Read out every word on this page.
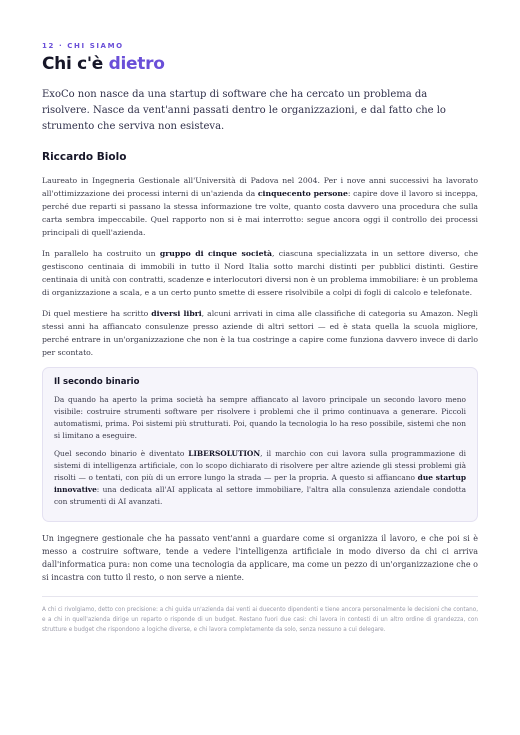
12 · CHI SIAMO
Chi c'è dietro

ExoCo non nasce da una startup di software che ha cercato un problema da risolvere. Nasce da vent'anni passati dentro le organizzazioni, e dal fatto che lo strumento che serviva non esisteva.

Riccardo Biolo

Laureato in Ingegneria Gestionale all'Università di Padova nel 2004. Per i nove anni successivi ha lavorato all'ottimizzazione dei processi interni di un'azienda da cinquecento persone: capire dove il lavoro si inceppa, perché due reparti si passano la stessa informazione tre volte, quanto costa davvero una procedura che sulla carta sembra impeccabile. Quel rapporto non si è mai interrotto: segue ancora oggi il controllo dei processi principali di quell'azienda.

In parallelo ha costruito un gruppo di cinque società, ciascuna specializzata in un settore diverso, che gestiscono centinaia di immobili in tutto il Nord Italia sotto marchi distinti per pubblici distinti. Gestire centinaia di unità con contratti, scadenze e interlocutori diversi non è un problema immobiliare: è un problema di organizzazione a scala, e a un certo punto smette di essere risolvibile a colpi di fogli di calcolo e telefonate.

Di quel mestiere ha scritto diversi libri, alcuni arrivati in cima alle classifiche di categoria su Amazon. Negli stessi anni ha affiancato consulenze presso aziende di altri settori — ed è stata quella la scuola migliore, perché entrare in un'organizzazione che non è la tua costringe a capire come funziona davvero invece di darlo per scontato.

Il secondo binario

Da quando ha aperto la prima società ha sempre affiancato al lavoro principale un secondo lavoro meno visibile: costruire strumenti software per risolvere i problemi che il primo continuava a generare. Piccoli automatismi, prima. Poi sistemi più strutturati. Poi, quando la tecnologia lo ha reso possibile, sistemi che non si limitano a eseguire.

Quel secondo binario è diventato LIBERSOLUTION, il marchio con cui lavora sulla programmazione di sistemi di intelligenza artificiale, con lo scopo dichiarato di risolvere per altre aziende gli stessi problemi già risolti — o tentati, con più di un errore lungo la strada — per la propria. A questo si affiancano due startup innovative: una dedicata all'AI applicata al settore immobiliare, l'altra alla consulenza aziendale condotta con strumenti di AI avanzati.

Un ingegnere gestionale che ha passato vent'anni a guardare come si organizza il lavoro, e che poi si è messo a costruire software, tende a vedere l'intelligenza artificiale in modo diverso da chi ci arriva dall'informatica pura: non come una tecnologia da applicare, ma come un pezzo di un'organizzazione che o si incastra con tutto il resto, o non serve a niente.

A chi ci rivolgiamo, detto con precisione: a chi guida un'azienda dai venti ai duecento dipendenti e tiene ancora personalmente le decisioni che contano, e a chi in quell'azienda dirige un reparto o risponde di un budget. Restano fuori due casi: chi lavora in contesti di un altro ordine di grandezza, con strutture e budget che rispondono a logiche diverse, e chi lavora completamente da solo, senza nessuno a cui delegare.
